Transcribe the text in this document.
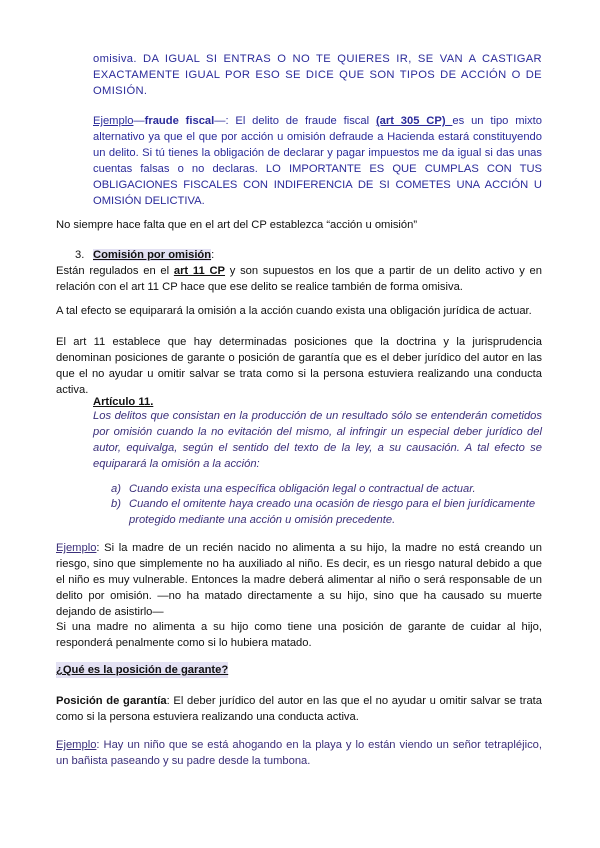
omisiva. DA IGUAL SI ENTRAS O NO TE QUIERES IR, SE VAN A CASTIGAR EXACTAMENTE IGUAL POR ESO SE DICE QUE SON TIPOS DE ACCIÓN O DE OMISIÓN.
Ejemplo—fraude fiscal—: El delito de fraude fiscal (art 305 CP) es un tipo mixto alternativo ya que el que por acción u omisión defraude a Hacienda estará constituyendo un delito. Si tú tienes la obligación de declarar y pagar impuestos me da igual si das unas cuentas falsas o no declaras. LO IMPORTANTE ES QUE CUMPLAS CON TUS OBLIGACIONES FISCALES CON INDIFERENCIA DE SI COMETES UNA ACCIÓN U OMISIÓN DELICTIVA.
No siempre hace falta que en el art del CP establezca “acción u omisión”
3. Comisión por omisión:
Están regulados en el art 11 CP y son supuestos en los que a partir de un delito activo y en relación con el art 11 CP hace que ese delito se realice también de forma omisiva.
A tal efecto se equiparará la omisión a la acción cuando exista una obligación jurídica de actuar.
El art 11 establece que hay determinadas posiciones que la doctrina y la jurisprudencia denominan posiciones de garante o posición de garantía que es el deber jurídico del autor en las que el no ayudar u omitir salvar se trata como si la persona estuviera realizando una conducta activa.
Artículo 11.
Los delitos que consistan en la producción de un resultado sólo se entenderán cometidos por omisión cuando la no evitación del mismo, al infringir un especial deber jurídico del autor, equivalga, según el sentido del texto de la ley, a su causación. A tal efecto se equiparará la omisión a la acción:
a) Cuando exista una específica obligación legal o contractual de actuar.
b) Cuando el omitente haya creado una ocasión de riesgo para el bien jurídicamente protegido mediante una acción u omisión precedente.
Ejemplo: Si la madre de un recién nacido no alimenta a su hijo, la madre no está creando un riesgo, sino que simplemente no ha auxiliado al niño. Es decir, es un riesgo natural debido a que el niño es muy vulnerable. Entonces la madre deberá alimentar al niño o será responsable de un delito por omisión. —no ha matado directamente a su hijo, sino que ha causado su muerte dejando de asistirlo—
Si una madre no alimenta a su hijo como tiene una posición de garante de cuidar al hijo, responderá penalmente como si lo hubiera matado.
¿Qué es la posición de garante?
Posición de garantía: El deber jurídico del autor en las que el no ayudar u omitir salvar se trata como si la persona estuviera realizando una conducta activa.
Ejemplo: Hay un niño que se está ahogando en la playa y lo están viendo un señor tetrapléjico, un bañista paseando y su padre desde la tumbona.
